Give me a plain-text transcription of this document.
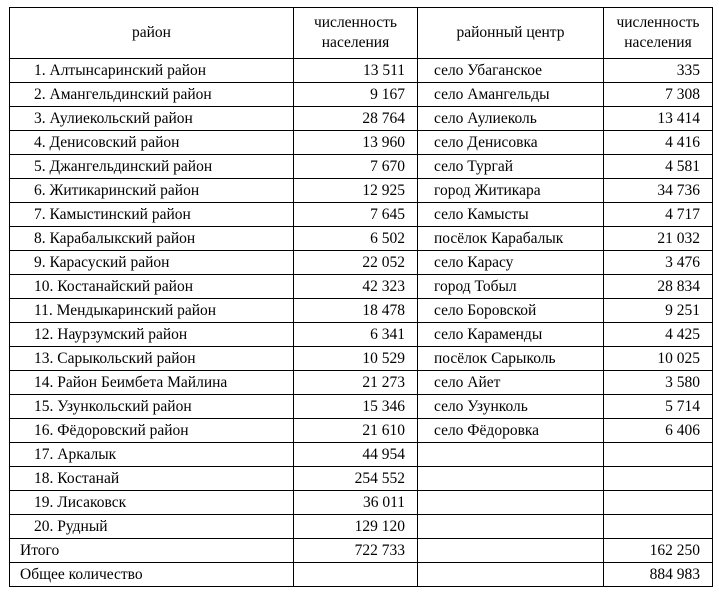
район	численность населения	районный центр	численность населения
1. Алтынсаринский район	13 511	село Убаганское	335
2. Амангельдинский район	9 167	село Амангельды	7 308
3. Аулиекольский район	28 764	село Аулиеколь	13 414
4. Денисовский район	13 960	село Денисовка	4 416
5. Джангельдинский район	7 670	село Тургай	4 581
6. Житикаринский район	12 925	город Житикара	34 736
7. Камыстинский район	7 645	село Камысты	4 717
8. Карабалыкский район	6 502	посёлок Карабалык	21 032
9. Карасуский район	22 052	село Карасу	3 476
10. Костанайский район	42 323	город Тобыл	28 834
11. Мендыкаринский район	18 478	село Боровской	9 251
12. Наурзумский район	6 341	село Караменды	4 425
13. Сарыкольский район	10 529	посёлок Сарыколь	10 025
14. Район Беимбета Майлина	21 273	село Айет	3 580
15. Узункольский район	15 346	село Узунколь	5 714
16. Фёдоровский район	21 610	село Фёдоровка	6 406
17. Аркалык	44 954		
18. Костанай	254 552		
19. Лисаковск	36 011		
20. Рудный	129 120		
Итого	722 733		162 250
Общее количество			884 983
